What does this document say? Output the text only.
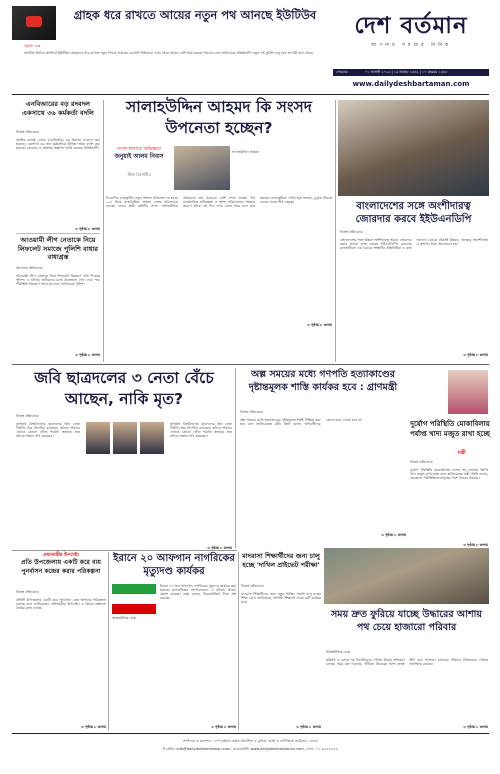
গ্রাহক ধরে রাখতে আয়ের নতুন পথ আনছে ইউটিউব
প্রযুক্তি ডেস্ক
জনপ্রিয় ভিডিও প্ল্যাটফর্ম ইউটিউব গ্রাহকদের ধরে রাখতে নতুন ফিচার আনছে। কনটেন্ট নির্মাতারা এখন থেকে আরও বেশি আয় করতে পারবেন বলে জানিয়েছে প্রতিষ্ঠানটি। নতুন এই সুবিধা চালু হবে আগামী মাস থেকে।
দেশ বর্তমান
আপনার সময়ের দৈনিক
সোমবার	০১ আগস্ট ২০২৫ | ১৬ আষাঢ় ১৪৩২ | ১৭ মহররম ১৪৪৮
www.dailydeshbartaman.com
এনবিআরের বড় রদবদল একসাথে ৩৬ কর্মকর্তা বদলি
নিজস্ব প্রতিবেদক
জাতীয় রাজস্ব বোর্ডে (এনবিআর) বড় ধরনের রদবদল করা হয়েছে। একসাথে ৩৬ জন কর্মকর্তাকে বিভিন্ন দপ্তরে বদলি করা হয়েছে। রোববার এ সংক্রান্ত প্রজ্ঞাপন জারি করেছে প্রতিষ্ঠানটি।
৩ পৃষ্ঠায় ৮ কলাম
আওয়ামী লীগ নেতাকে নিয়ে লিফলেট সমাজে পুলিশি বাধার বাধাগ্রস্ত
আদালত প্রতিবেদক
আওয়ামী লীগ নেতাকে নিয়ে লিফলেট বিতরণে বাধা দিয়েছে পুলিশ। এ ঘটনায় স্থানীয়দের মধ্যে উত্তেজনা দেখা দেয়। পরে পরিস্থিতি নিয়ন্ত্রণে আনা হয় বলে জানিয়েছে পুলিশ।
৩ পৃষ্ঠায় ৮ কলাম
সালাহউদ্দিন আহমদ কি সংসদ উপনেতা হচ্ছেন?
সংসদ চালাতে অভিজ্ঞতা
জনুয়াই আলম নিবাস
স্টাফ রিপোর্টার
সালাহউদ্দিন আহমদ
বিএনপির নেতৃত্বাধীন নতুন সংসদে উপনেতা কে হবেন—এ নিয়ে রাজনৈতিক অঙ্গনে জোর আলোচনা চলছে। দলের স্থায়ী কমিটির সদস্য সালাহউদ্দিন আহমদের নাম সবচেয়ে বেশি শোনা যাচ্ছে। দীর্ঘ রাজনৈতিক অভিজ্ঞতা ও সংসদ পরিচালনায় দক্ষতার কারণে তাঁকে এই পদে দেখা যেতে পারে বলে মনে করছেন নেতাকর্মীরা। দলীয় সূত্র জানায়, চূড়ান্ত সিদ্ধান্ত নেবেন দলের শীর্ষ নেতৃত্ব।
৩ পৃষ্ঠায় ৮ কলাম
বাংলাদেশের সঙ্গে অংশীদারত্ব জোরদার করবে ইইউএনডিপি
নিজস্ব প্রতিবেদক
বাংলাদেশের সঙ্গে উন্নয়ন অংশীদারত্ব আরও জোরদার করার প্রত্যয় ব্যক্ত করেছে ইউএনডিপি। রোববার রাজধানীতে এক বৈঠকে সংস্থাটির প্রতিনিধিরা এ কথা জানান। বৈঠকে টেকসই উন্নয়ন, জলবায়ু সহনশীলতা ও সুশাসন নিয়ে আলোচনা হয়।
৩ পৃষ্ঠায় ৮ কলাম
জবি ছাত্রদলের ৩ নেতা বেঁচে আছেন, নাকি মৃত?
নিজস্ব প্রতিবেদক
জগন্নাথ বিশ্ববিদ্যালয় ছাত্রদলের তিন নেতা দীর্ঘদিন ধরে নিখোঁজ রয়েছেন। তাঁদের পরিবার এখনও কোনো খোঁজ পায়নি। স্বজনরা দ্রুত তাঁদের সন্ধান দাবি করেছেন।
জগন্নাথ বিশ্ববিদ্যালয় ছাত্রদলের তিন নেতা দীর্ঘদিন ধরে নিখোঁজ রয়েছেন। তাঁদের পরিবার এখনও কোনো খোঁজ পায়নি। স্বজনরা দ্রুত তাঁদের সন্ধান দাবি করেছেন।
৩ পৃষ্ঠায় ৮ কলাম
অল্প সময়ের মধ্যে গণপতি হত্যাকাণ্ডের দৃষ্টান্তমূলক শাস্তি কার্যকর হবে : গ্রাণমন্ত্রী
বিশেষ প্রতিবেদক
অল্প সময়ের মধ্যে হত্যাকাণ্ডের দৃষ্টান্তমূলক শাস্তি নিশ্চিত করা হবে বলে জানিয়েছেন মন্ত্রী। তিনি বলেন, অপরাধীদের কোনো ছাড় দেওয়া হবে না।
৩ পৃষ্ঠায় ৮ কলাম
দুর্যোগ পরিস্থিতি মোকাবিলায় পর্যাপ্ত খাদ্য মজুত রাখা হচ্ছে
মন্ত্রী
নিজস্ব প্রতিবেদক
দুর্যোগ পরিস্থিতি মোকাবিলায় দেশের সব জেলায় পর্যাপ্ত খাদ্য মজুত রাখা হচ্ছে বলে জানিয়েছেন মন্ত্রী। তিনি বলেন, যেকোনো পরিস্থিতিতে মানুষের পাশে থাকবে সরকার।
৩ পৃষ্ঠায় ৮ কলাম
প্রধানমন্ত্রীর উপদেষ্টা
প্রতি উপজেলায় একটি করে ব্যয় পুনর্বাসন কন্দ্রের করার পরিকল্পনা
নিজস্ব প্রতিবেদক
প্রতিটি উপজেলায় একটি করে পুনর্বাসন কেন্দ্র স্থাপনের পরিকল্পনা রয়েছে বলে জানিয়েছেন প্রধানমন্ত্রীর উপদেষ্টা। এ বিষয়ে প্রস্তাবনা তৈরির কাজ চলছে।
৩ পৃষ্ঠায় ৮ কলাম
ইরানে ২০ আফগান নাগরিকের মৃত্যুদণ্ড কার্যকর
আন্তর্জাতিক ডেস্ক
ইরানে ২০ জন আফগান নাগরিকের মৃত্যুদণ্ড কার্যকর করা হয়েছে। মানবাধিকার সংগঠনগুলো এ ঘটনায় উদ্বেগ প্রকাশ করেছে। তারা বলছে, বিচারপ্রক্রিয়া নিয়ে প্রশ্ন রয়েছে।
৩ পৃষ্ঠায় ৮ কলাম
মাদরাসা শিক্ষার্থীদের জন্য চালু হচ্ছে 'দাখিল প্রাইভেট পরীক্ষা'
নিজস্ব প্রতিবেদক
মাদরাসা শিক্ষার্থীদের জন্য নতুন পরীক্ষা পদ্ধতি চালু হচ্ছে। শিক্ষা বোর্ড জানিয়েছে, আগামী শিক্ষাবর্ষ থেকে এটি কার্যকর হবে।
৩ পৃষ্ঠায় ৮ কলাম
সময় দ্রুত ফুরিয়ে যাচ্ছে উদ্ধারের আশায় পথ চেয়ে হাজারো পরিবার
আন্তর্জাতিক ডেস্ক
ভূমিধস ও বন্যার পর নিখোঁজদের খোঁজে উদ্ধার অভিযান চলছে। সময় যত গড়াচ্ছে, জীবিত উদ্ধারের আশা ততই ক্ষীণ হয়ে আসছে। হাজারো পরিবার প্রিয়জনের খোঁজে অপেক্ষায় রয়েছে।
৩ পৃষ্ঠায় ৮ কলাম
সম্পাদক ও প্রকাশক : দেশ বর্তমান কর্তৃক প্রকাশিত ও মুদ্রিত। বার্তা ও বাণিজ্যিক কার্যালয় : ঢাকা।
ই-মেইল: info@dailydeshbartaman.com, ওয়েবসাইট: www.dailydeshbartaman.com, ফোন: ০২-৯৫৫৫৫৫৫
